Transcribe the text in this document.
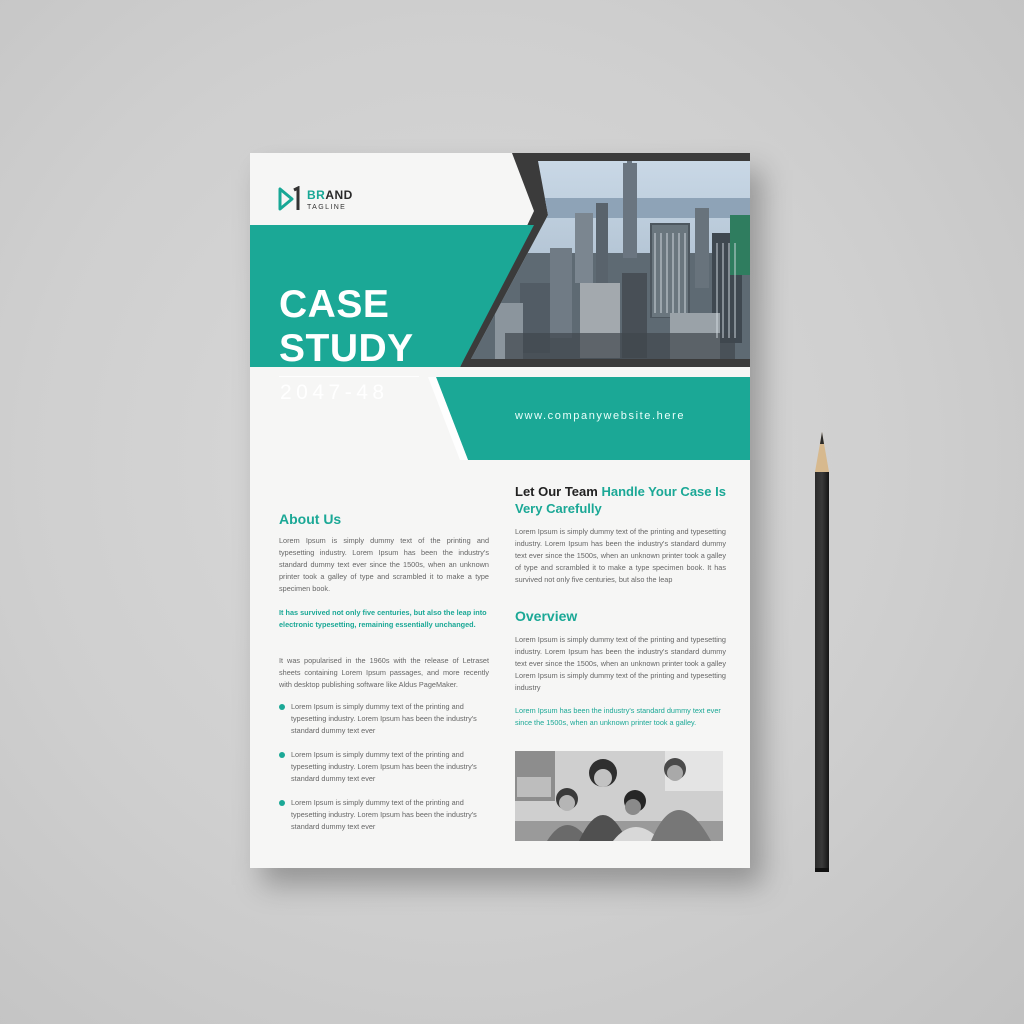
BRAND
TAGLINE
CASE
STUDY
2047-48
www.companywebsite.here
About Us
Lorem Ipsum is simply dummy text of the printing and typesetting industry. Lorem Ipsum has been the industry's standard dummy text ever since the 1500s, when an unknown printer took a galley of type and scrambled it to make a type specimen book.
It has survived not only five centuries, but also the leap into electronic typesetting, remaining essentially unchanged.
It was popularised in the 1960s with the release of Letraset sheets containing Lorem Ipsum passages, and more recently with desktop publishing software like Aldus PageMaker.
Lorem Ipsum is simply dummy text of the printing and typesetting industry. Lorem Ipsum has been the industry's standard dummy text ever
Lorem Ipsum is simply dummy text of the printing and typesetting industry. Lorem Ipsum has been the industry's standard dummy text ever
Lorem Ipsum is simply dummy text of the printing and typesetting industry. Lorem Ipsum has been the industry's standard dummy text ever
Let Our Team Handle Your Case Is Very Carefully
Lorem Ipsum is simply dummy text of the printing and typesetting industry. Lorem Ipsum has been the industry's standard dummy text ever since the 1500s, when an unknown printer took a galley of type and scrambled it to make a type specimen book. It has survived not only five centuries, but also the leap
Overview
Lorem Ipsum is simply dummy text of the printing and typesetting industry. Lorem Ipsum has been the industry's standard dummy text ever since the 1500s, when an unknown printer took a galley Lorem Ipsum is simply dummy text of the printing and typesetting industry
Lorem Ipsum has been the industry's standard dummy text ever since the 1500s, when an unknown printer took a galley.
